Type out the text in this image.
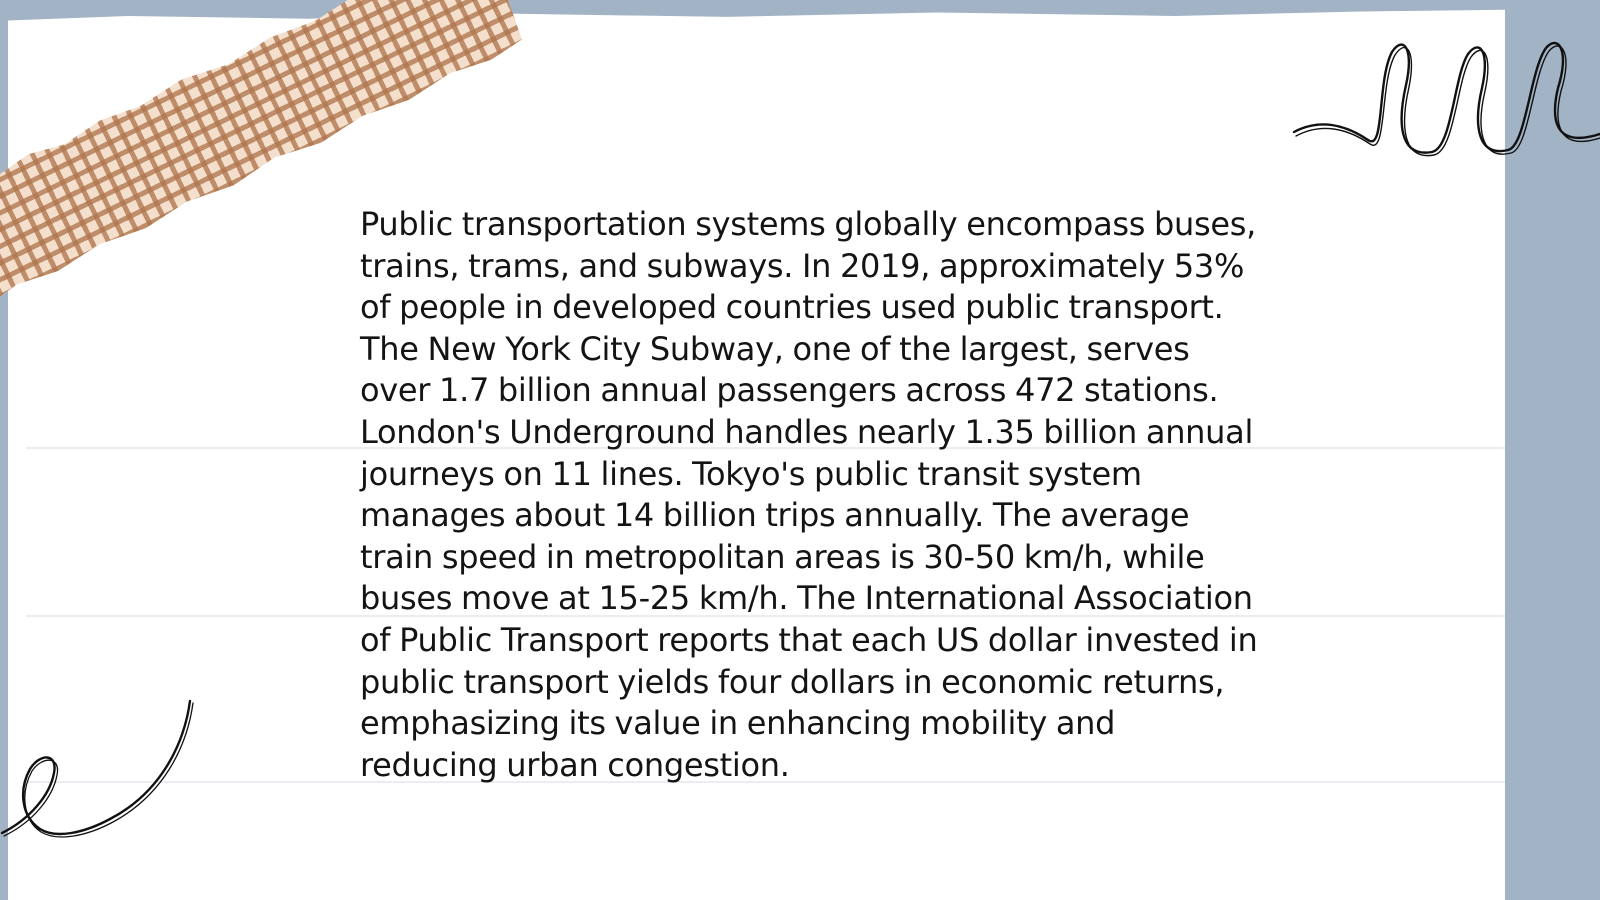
Public transportation systems globally encompass buses, trains, trams, and subways. In 2019, approximately 53% of people in developed countries used public transport. The New York City Subway, one of the largest, serves over 1.7 billion annual passengers across 472 stations. London's Underground handles nearly 1.35 billion annual journeys on 11 lines. Tokyo's public transit system manages about 14 billion trips annually. The average train speed in metropolitan areas is 30-50 km/h, while buses move at 15-25 km/h. The International Association of Public Transport reports that each US dollar invested in public transport yields four dollars in economic returns, emphasizing its value in enhancing mobility and reducing urban congestion.
